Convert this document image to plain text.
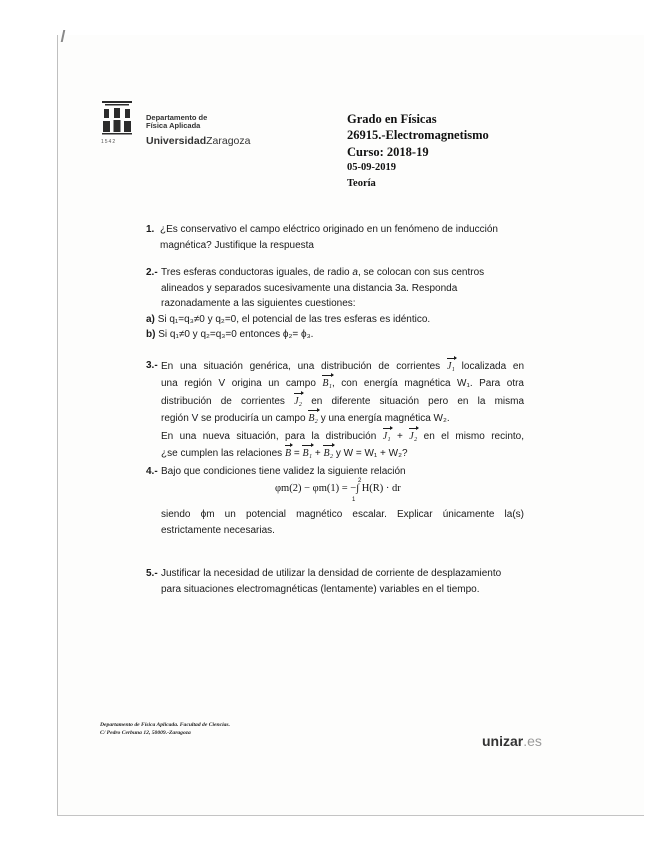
1542
Departamento de
Física Aplicada
UniversidadZaragoza
Grado en Físicas
26915.-Electromagnetismo
Curso: 2018-19
05-09-2019
Teoría
1. ¿Es conservativo el campo eléctrico originado en un fenómeno de inducción
magnética? Justifique la respuesta
2.- Tres esferas conductoras iguales, de radio a, se colocan con sus centros
alineados y separados sucesivamente una distancia 3a. Responda
razonadamente a las siguientes cuestiones:
a) Si q₁=q₃≠0 y q₂=0, el potencial de las tres esferas es idéntico.
b) Si q₁≠0 y q₂=q₃=0 entonces ϕ₂= ϕ₃.
3.- En una situación genérica, una distribución de corrientes J₁ localizada en
una región V origina un campo B₁, con energía magnética W₁. Para otra
distribución de corrientes J₂ en diferente situación pero en la misma
región V se produciría un campo B₂ y una energía magnética W₂.
En una nueva situación, para la distribución J₁ + J₂ en el mismo recinto,
¿se cumplen las relaciones B = B₁ + B₂ y W = W₁ + W₂?
4.- Bajo que condiciones tiene validez la siguiente relación
φm(2) − φm(1) = −∫ H(R) · dr
2
1
siendo ϕm un potencial magnético escalar. Explicar únicamente la(s)
estrictamente necesarias.
5.- Justificar la necesidad de utilizar la densidad de corriente de desplazamiento
para situaciones electromagnéticas (lentamente) variables en el tiempo.
Departamento de Física Aplicada. Facultad de Ciencias.
C/ Pedro Cerbuna 12, 50009.-Zaragoza	unizar.es
